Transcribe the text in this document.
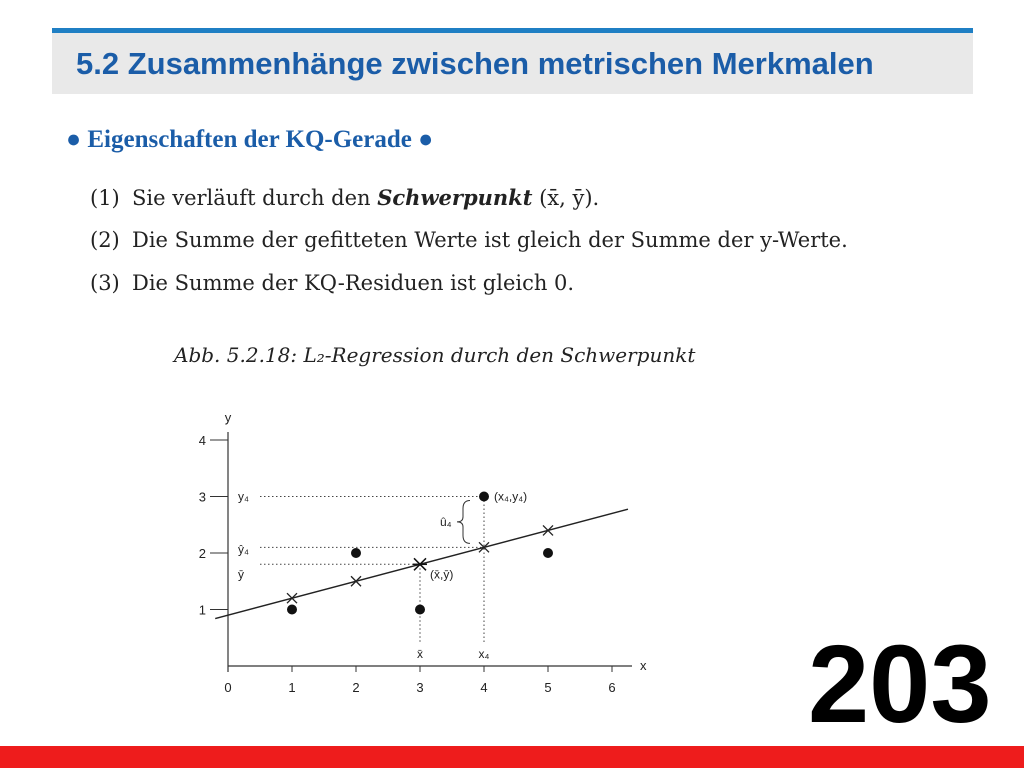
5.2 Zusammenhänge zwischen metrischen Merkmalen
● Eigenschaften der KQ-Gerade ●
(1) Sie verläuft durch den Schwerpunkt (x̄, ȳ).
(2) Die Summe der gefitteten Werte ist gleich der Summe der y-Werte.
(3) Die Summe der KQ-Residuen ist gleich 0.
Abb. 5.2.18: L₂-Regression durch den Schwerpunkt
0	1	2	3	4	5	6
1
2
3
4
x
y
y₄
ŷ₄
ȳ
x̄	x₄
û₄
(x₄,y₄)
(x̄,ȳ)
203
